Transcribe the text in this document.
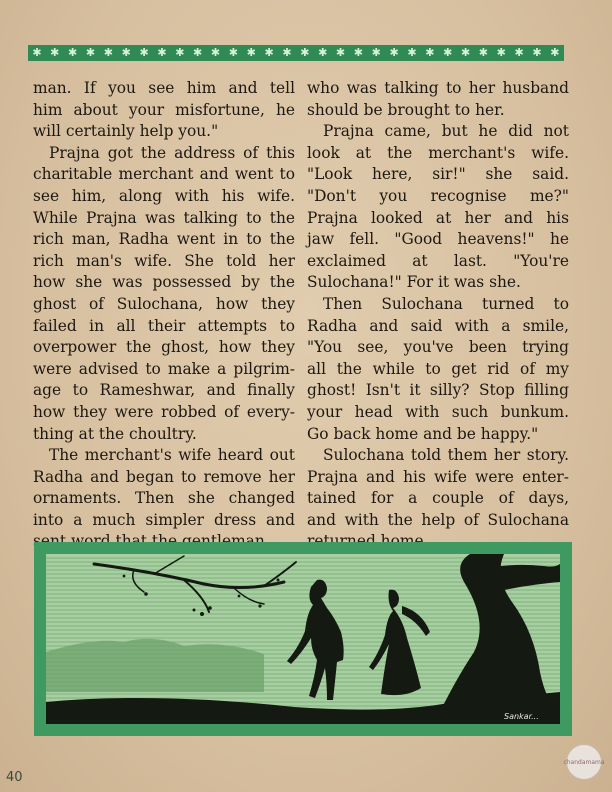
✱ ✱ ✱ ✱ ✱ ✱ ✱ ✱ ✱ ✱ ✱ ✱ ✱ ✱ ✱ ✱ ✱ ✱ ✱ ✱ ✱ ✱ ✱ ✱ ✱ ✱ ✱ ✱ ✱ ✱
man. If you see him and tell
him about your misfortune, he
will certainly help you."
Prajna got the address of this
charitable merchant and went to
see him, along with his wife.
While Prajna was talking to the
rich man, Radha went in to the
rich man's wife. She told her
how she was possessed by the
ghost of Sulochana, how they
failed in all their attempts to
overpower the ghost, how they
were advised to make a pilgrim-
age to Rameshwar, and finally
how they were robbed of every-
thing at the choultry.
The merchant's wife heard out
Radha and began to remove her
ornaments. Then she changed
into a much simpler dress and
who was talking to her husband
should be brought to her.
Prajna came, but he did not
look at the merchant's wife.
"Look here, sir!" she said.
"Don't you recognise me?"
Prajna looked at her and his
jaw fell. "Good heavens!" he
exclaimed at last. "You're
Sulochana!" For it was she.
Then Sulochana turned to
Radha and said with a smile,
"You see, you've been trying
all the while to get rid of my
ghost! Isn't it silly? Stop filling
your head with such bunkum.
Go back home and be happy."
Sulochana told them her story.
Prajna and his wife were enter-
tained for a couple of days,
and with the help of Sulochana
Sankar...
40
chandamama
